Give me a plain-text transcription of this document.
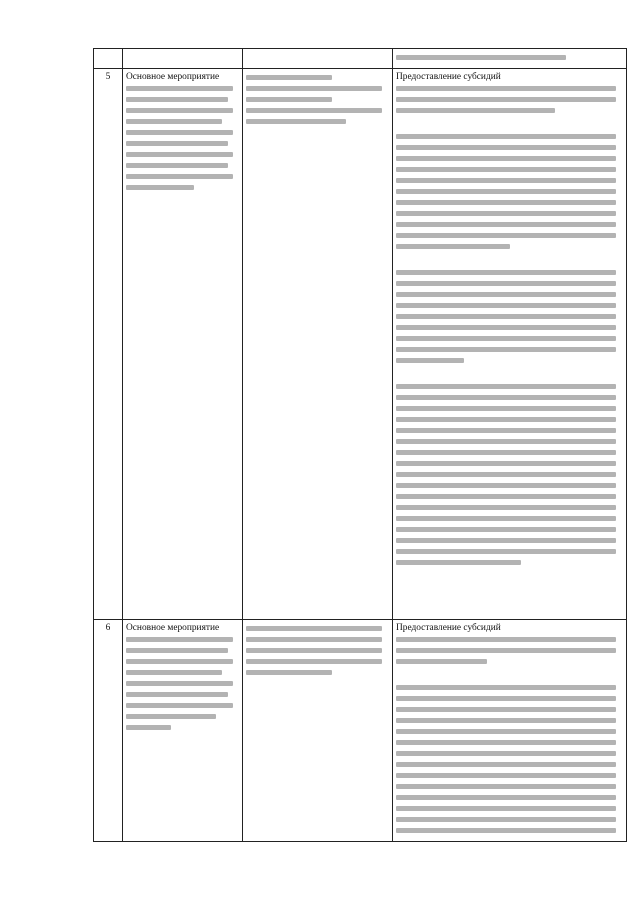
5	Основное мероприятие		Предоставление субсидий

6	Основное мероприятие		Предоставление субсидий
